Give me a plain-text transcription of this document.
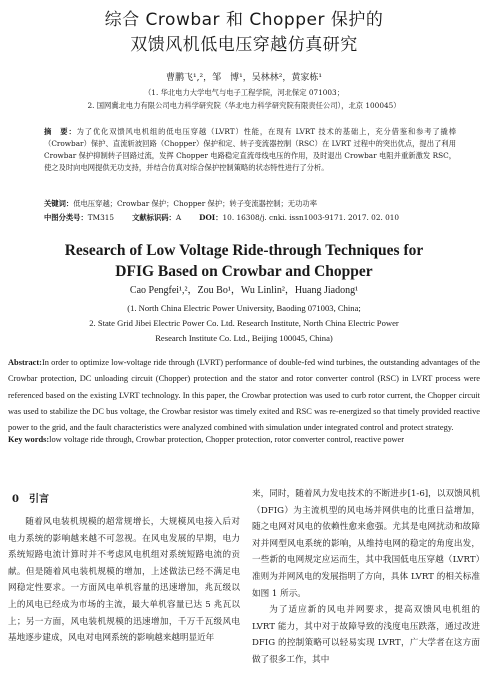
综合 Crowbar 和 Chopper 保护的
双馈风机低电压穿越仿真研究
曹鹏飞¹,²，邹　博¹，吴林林²，黄家栋¹
（1. 华北电力大学电气与电子工程学院，河北保定 071003；
2. 国网冀北电力有限公司电力科学研究院（华北电力科学研究院有限责任公司），北京 100045）
摘　要：为了优化双馈风电机组的低电压穿越（LVRT）性能，在现有 LVRT 技术的基础上，充分借鉴和参考了撬棒（Crowbar）保护、直流斩波回路（Chopper）保护和定、转子变流器控制（RSC）在 LVRT 过程中的突出优点，提出了利用 Crowbar 保护抑制转子回路过流，发挥 Chopper 电路稳定直流母线电压的作用，及时退出 Crowbar 电阻并重新激发 RSC，使之及时向电网提供无功支持，并结合仿真对综合保护控制策略的状态特性进行了分析。
关键词：低电压穿越；Crowbar 保护；Chopper 保护；转子变流器控制；无功功率
中图分类号：TM315 文献标识码：A DOI：10. 16308/j. cnki. issn1003-9171. 2017. 02. 010
Research of Low Voltage Ride-through Techniques for
DFIG Based on Crowbar and Chopper
Cao Pengfei¹,²，Zou Bo¹，Wu Linlin²，Huang Jiadong¹
(1. North China Electric Power University, Baoding 071003, China;
2. State Grid Jibei Electric Power Co. Ltd. Research Institute, North China Electric Power
Research Institute Co. Ltd., Beijing 100045, China)
Abstract:In order to optimize low-voltage ride through (LVRT) performance of double-fed wind turbines, the outstanding advantages of the Crowbar protection, DC unloading circuit (Chopper) protection and the stator and rotor converter control (RSC) in LVRT process were referenced based on the existing LVRT technology. In this paper, the Crowbar protection was used to curb rotor current, the Chopper circuit was used to stabilize the DC bus voltage, the Crowbar resistor was timely exited and RSC was re-energized so that timely provided reactive power to the grid, and the fault characteristics were analyzed combined with simulation under integrated control and protect strategy.
Key words:low voltage ride through, Crowbar protection, Chopper protection, rotor converter control, reactive power
0　引言

随着风电装机规模的超常规增长，大规模风电接入后对电力系统的影响越来越不可忽视。在风电发展的早期，电力系统短路电流计算时并不考虑风电机组对系统短路电流的贡献。但是随着风电装机规模的增加，上述做法已经不满足电网稳定性要求。一方面风电单机容量的迅速增加，兆瓦级以上的风电已经成为市场的主流，最大单机容量已达 5 兆瓦以上；另一方面，风电装机规模的迅速增加，千万千瓦级风电基地逐步建成，风电对电网系统的影响越来越明显近年

来，同时，随着风力发电技术的不断进步[1-6]，以双馈风机（DFIG）为主流机型的风电场并网供电的比重日益增加，随之电网对风电的依赖性愈来愈强。尤其是电网扰动和故障对并网型风电系统的影响，从维持电网的稳定的角度出发，一些新的电网规定应运而生，其中我国低电压穿越（LVRT）准则为并网风电的发展指明了方向，具体 LVRT 的相关标准如图 1 所示。

为了适应新的风电并网要求，提高双馈风电机组的 LVRT 能力，其中对于故障导致的浅度电压跌落，通过改进 DFIG 的控制策略可以轻易实现 LVRT，广大学者在这方面做了很多工作，其中
